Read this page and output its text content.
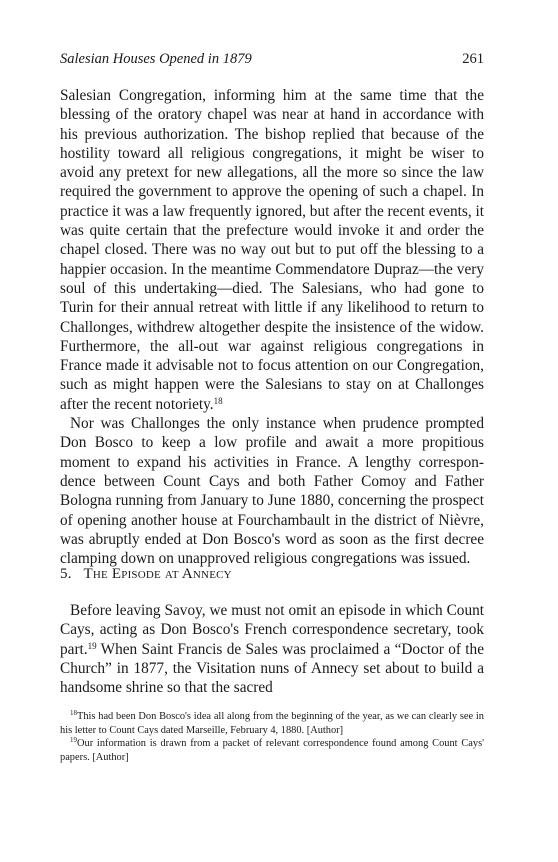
Salesian Houses Opened in 1879	261

Salesian Congregation, informing him at the same time that the blessing of the oratory chapel was near at hand in accordance with his previous authorization. The bishop replied that because of the hostility toward all religious congregations, it might be wiser to avoid any pretext for new allegations, all the more so since the law required the government to approve the opening of such a chapel. In practice it was a law frequently ignored, but after the recent events, it was quite certain that the prefecture would invoke it and order the chapel closed. There was no way out but to put off the blessing to a happier occasion. In the meantime Commendatore Dupraz—the very soul of this undertaking—died. The Salesians, who had gone to Turin for their annual retreat with little if any likelihood to return to Challonges, withdrew altogether despite the insistence of the widow. Furthermore, the all-out war against religious congregations in France made it advisable not to focus attention on our Congregation, such as might happen were the Salesians to stay on at Challonges after the recent notoriety.$^{18}$

Nor was Challonges the only instance when prudence prompted Don Bosco to keep a low profile and await a more propitious moment to expand his activities in France. A lengthy correspon-dence between Count Cays and both Father Comoy and Father Bologna running from January to June 1880, concerning the prospect of opening another house at Fourchambault in the district of Nièvre, was abruptly ended at Don Bosco's word as soon as the first decree clamping down on unapproved religious congregations was issued.

5. The Episode at Annecy

Before leaving Savoy, we must not omit an episode in which Count Cays, acting as Don Bosco's French correspondence secretary, took part.$^{19}$ When Saint Francis de Sales was proclaimed a “Doctor of the Church” in 1877, the Visitation nuns of Annecy set about to build a handsome shrine so that the sacred

$^{18}$This had been Don Bosco's idea all along from the beginning of the year, as we can clearly see in his letter to Count Cays dated Marseille, February 4, 1880. [Author]

$^{19}$Our information is drawn from a packet of relevant correspondence found among Count Cays' papers. [Author]
